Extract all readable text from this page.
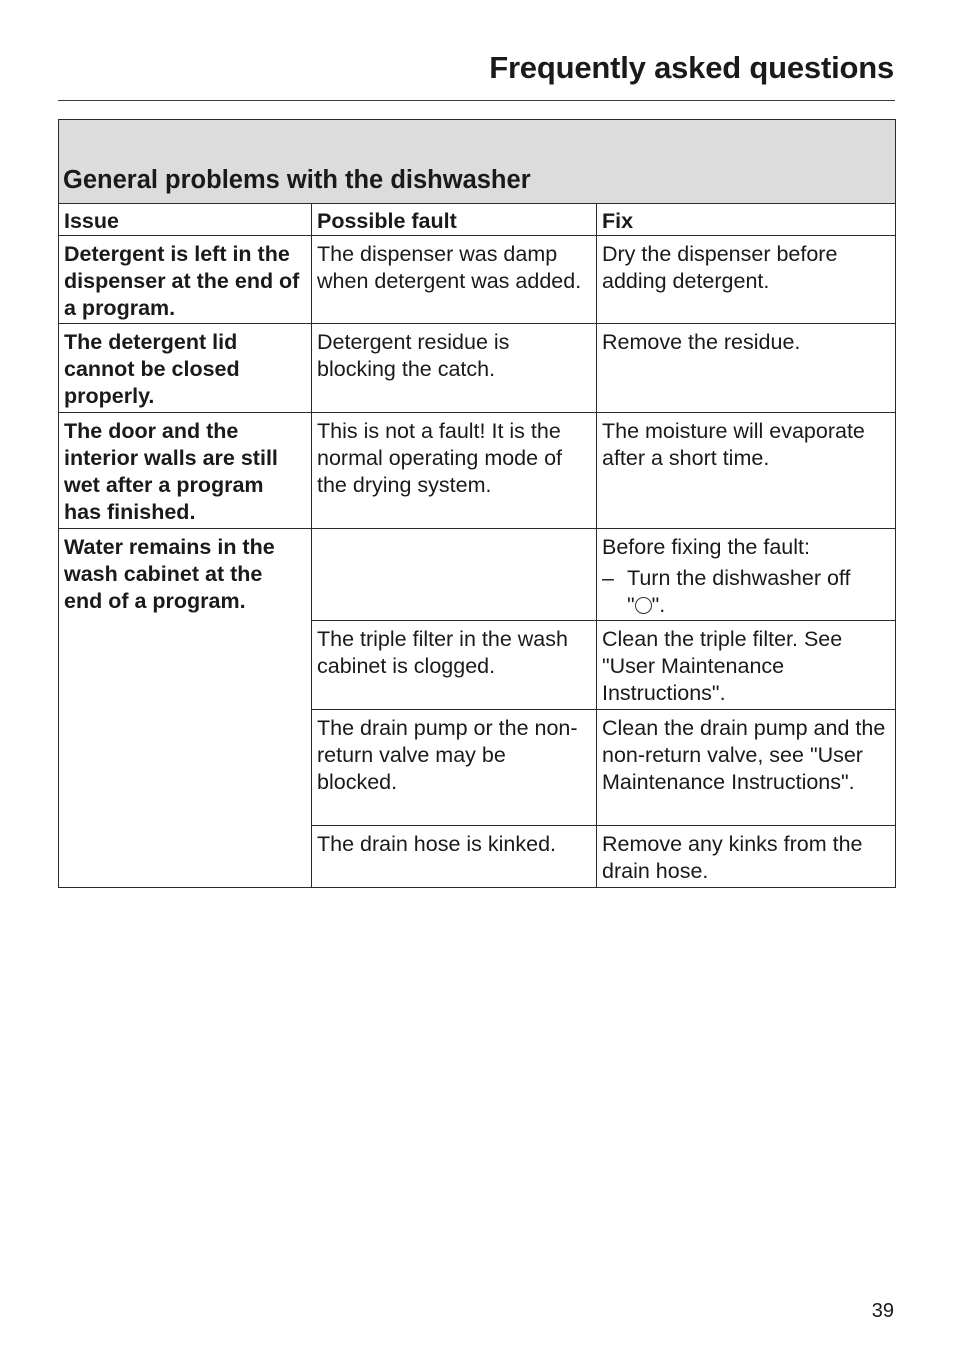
Frequently asked questions
General problems with the dishwasher		
Issue	Possible fault	Fix
Detergent is left in the dispenser at the end of a program.	The dispenser was damp when detergent was added.	Dry the dispenser before adding detergent.
The detergent lid cannot be closed properly.	Detergent residue is blocking the catch.	Remove the residue.
The door and the interior walls are still wet after a program has finished.	This is not a fault! It is the normal operating mode of the drying system.	The moisture will evaporate after a short time.
Water remains in the wash cabinet at the end of a program.		Before fixing the fault:
– Turn the dishwasher off
" ".

	The triple filter in the wash cabinet is clogged.	Clean the triple filter. See "User Maintenance Instructions".
	The drain pump or the non-return valve may be blocked.	Clean the drain pump and the non-return valve, see "User Maintenance Instructions".
	The drain hose is kinked.	Remove any kinks from the drain hose.
39
